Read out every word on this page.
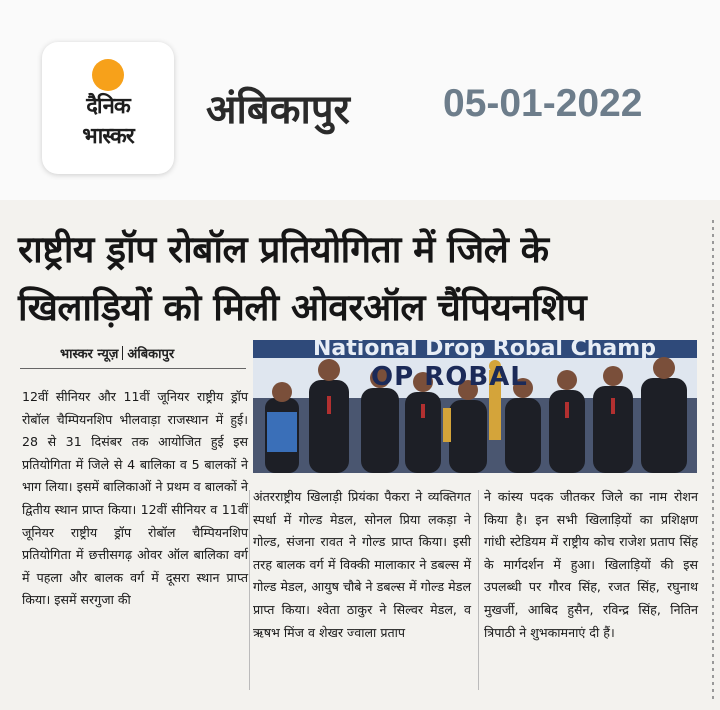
दैनिक
भास्कर
अंबिकापुर 05-01-2022
राष्ट्रीय ड्रॉप रोबॉल प्रतियोगिता में जिले के
खिलाड़ियों को मिली ओवरऑल चैंपियनशिप
भास्कर न्यूज़ अंबिकापुर	National Drop Robal Champ
OP ROBAL

12वीं सीनियर और 11वीं जूनियर राष्ट्रीय ड्रॉप रोबॉल चैम्पियनशिप भीलवाड़ा राजस्थान में हुई। 28 से 31 दिसंबर तक आयोजित हुई इस प्रतियोगिता में जिले से 4 बालिका व 5 बालकों ने भाग लिया। इसमें बालिकाओं ने प्रथम व बालकों ने द्वितीय स्थान प्राप्त किया। 12वीं सीनियर व 11वीं जूनियर राष्ट्रीय ड्रॉप रोबॉल चैम्पियनशिप प्रतियोगिता में छत्तीसगढ़ ओवर ऑल बालिका वर्ग में पहला और बालक वर्ग में दूसरा स्थान प्राप्त किया। इसमें सरगुजा की

अंतरराष्ट्रीय खिलाड़ी प्रियंका पैकरा ने व्यक्तिगत स्पर्धा में गोल्ड मेडल, सोनल प्रिया लकड़ा ने गोल्ड, संजना रावत ने गोल्ड प्राप्त किया। इसी तरह बालक वर्ग में विक्की मालाकार ने डबल्स में गोल्ड मेडल, आयुष चौबे ने डबल्स में गोल्ड मेडल प्राप्त किया। श्वेता ठाकुर ने सिल्वर मेडल, व ऋषभ मिंज व शेखर ज्वाला प्रताप

ने कांस्य पदक जीतकर जिले का नाम रोशन किया है। इन सभी खिलाड़ियों का प्रशिक्षण गांधी स्टेडियम में राष्ट्रीय कोच राजेश प्रताप सिंह के मार्गदर्शन में हुआ। खिलाड़ियों की इस उपलब्धी पर गौरव सिंह, रजत सिंह, रघुनाथ मुखर्जी, आबिद हुसैन, रविन्द्र सिंह, नितिन त्रिपाठी ने शुभकामनाएं दी हैं।
